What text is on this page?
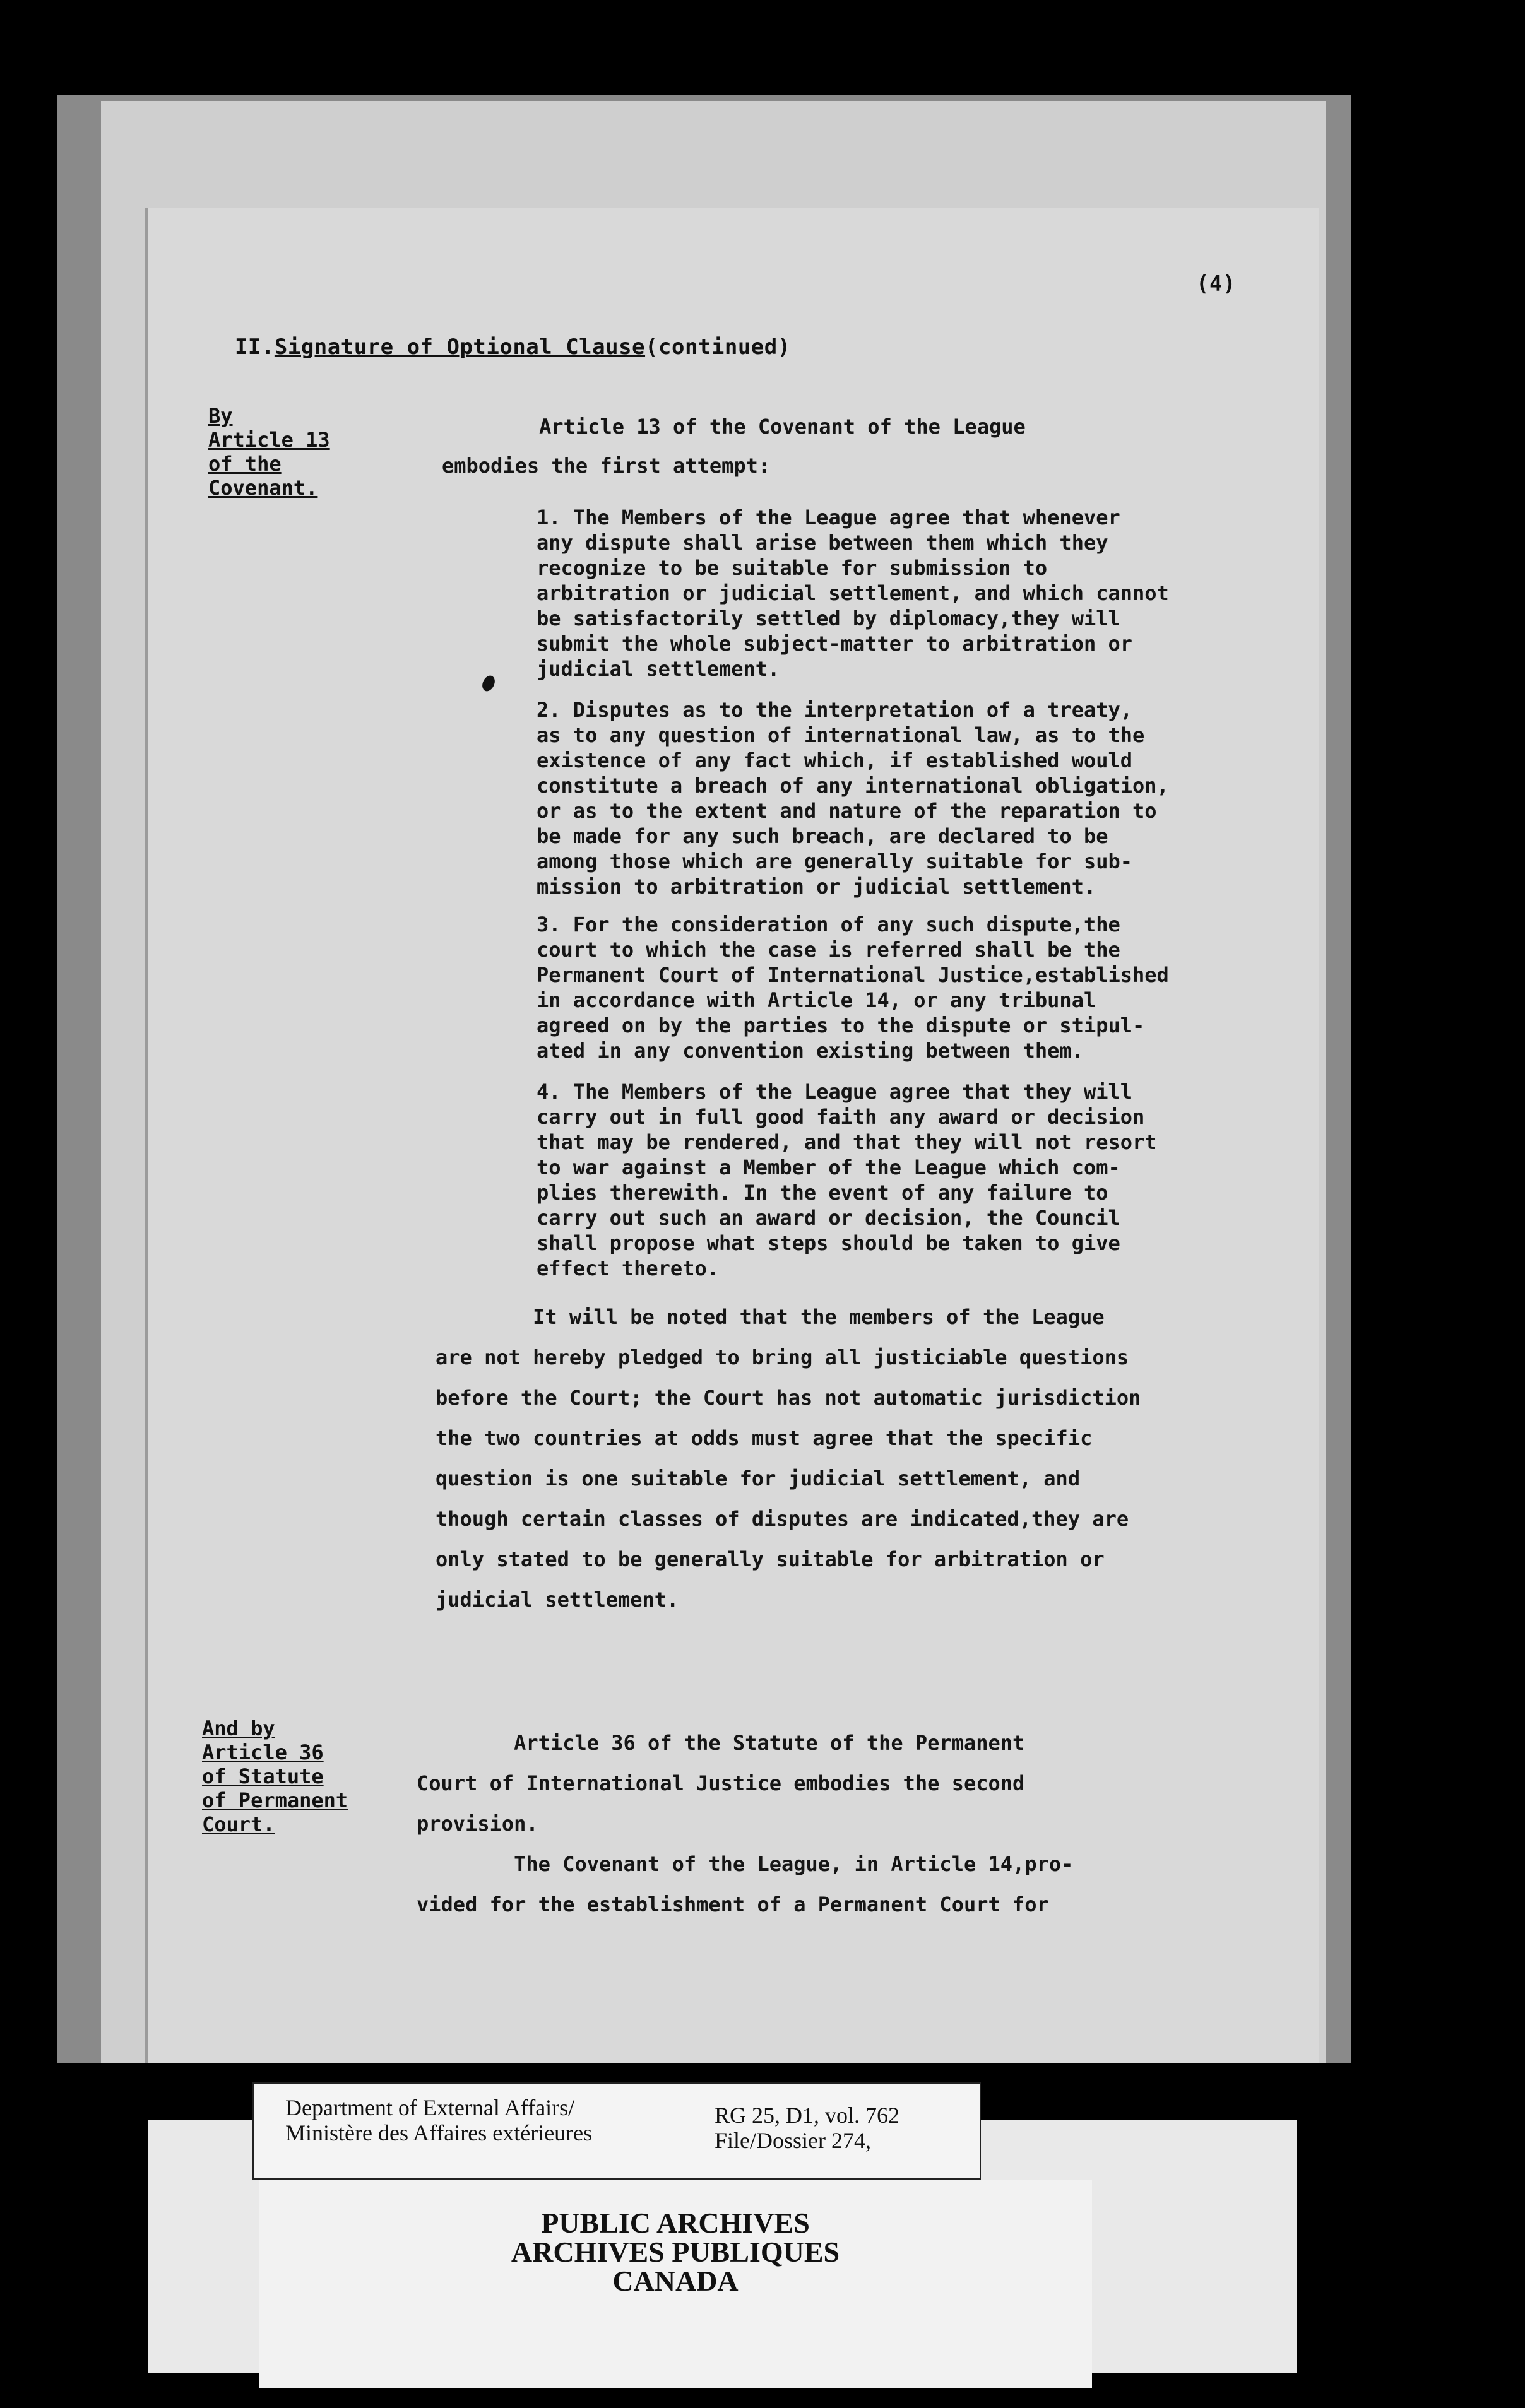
(4)

II.Signature of Optional Clause(continued)

By
Article 13
of the
Covenant.
Article 13 of the Covenant of the League
embodies the first attempt:
1. The Members of the League agree that whenever
any dispute shall arise between them which they
recognize to be suitable for submission to
arbitration or judicial settlement, and which cannot
be satisfactorily settled by diplomacy,they will
submit the whole subject-matter to arbitration or
judicial settlement.
2. Disputes as to the interpretation of a treaty,
as to any question of international law, as to the
existence of any fact which, if established would
constitute a breach of any international obligation,
or as to the extent and nature of the reparation to
be made for any such breach, are declared to be
among those which are generally suitable for sub-
mission to arbitration or judicial settlement.
3. For the consideration of any such dispute,the
court to which the case is referred shall be the
Permanent Court of International Justice,established
in accordance with Article 14, or any tribunal
agreed on by the parties to the dispute or stipul-
ated in any convention existing between them.
4. The Members of the League agree that they will
carry out in full good faith any award or decision
that may be rendered, and that they will not resort
to war against a Member of the League which com-
plies therewith. In the event of any failure to
carry out such an award or decision, the Council
shall propose what steps should be taken to give
effect thereto.
It will be noted that the members of the League
are not hereby pledged to bring all justiciable questions
before the Court; the Court has not automatic jurisdiction
the two countries at odds must agree that the specific
question is one suitable for judicial settlement, and
though certain classes of disputes are indicated,they are
only stated to be generally suitable for arbitration or
judicial settlement.
And by
Article 36
of Statute
of Permanent
Court.
Article 36 of the Statute of the Permanent
Court of International Justice embodies the second
provision.
The Covenant of the League, in Article 14,pro-
vided for the establishment of a Permanent Court for
Department of External Affairs/
Ministère des Affaires extérieures
RG 25, D1, vol. 762
File/Dossier 274,
PUBLIC ARCHIVES
ARCHIVES PUBLIQUES
CANADA
